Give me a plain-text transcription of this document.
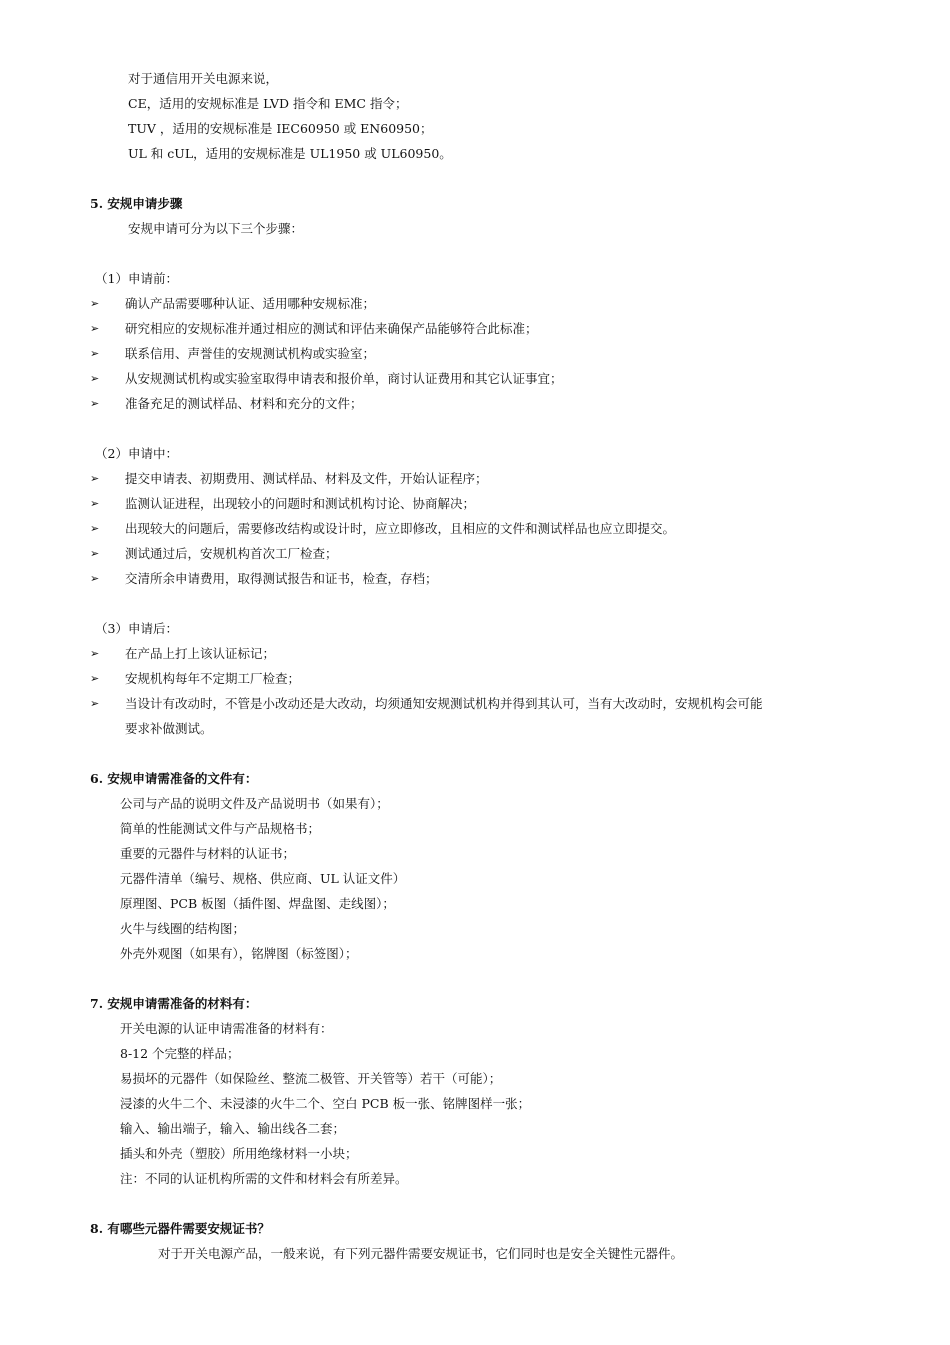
对于通信用开关电源来说，
CE，适用的安规标准是 LVD 指令和 EMC 指令；
TUV ，适用的安规标准是 IEC60950 或 EN60950；
UL 和 cUL，适用的安规标准是 UL1950 或 UL60950。
5. 安规申请步骤
安规申请可分为以下三个步骤：
（1）申请前：
➢ 确认产品需要哪种认证、适用哪种安规标准；
➢ 研究相应的安规标准并通过相应的测试和评估来确保产品能够符合此标准；
➢ 联系信用、声誉佳的安规测试机构或实验室；
➢ 从安规测试机构或实验室取得申请表和报价单，商讨认证费用和其它认证事宜；
➢ 准备充足的测试样品、材料和充分的文件；
（2）申请中：
➢ 提交申请表、初期费用、测试样品、材料及文件，开始认证程序；
➢ 监测认证进程，出现较小的问题时和测试机构讨论、协商解决；
➢ 出现较大的问题后，需要修改结构或设计时，应立即修改，且相应的文件和测试样品也应立即提交。
➢ 测试通过后，安规机构首次工厂检查；
➢ 交清所余申请费用，取得测试报告和证书，检查，存档；
（3）申请后：
➢ 在产品上打上该认证标记；
➢ 安规机构每年不定期工厂检查；
➢ 当设计有改动时，不管是小改动还是大改动，均须通知安规测试机构并得到其认可，当有大改动时，安规机构会可能
要求补做测试。
6. 安规申请需准备的文件有：
公司与产品的说明文件及产品说明书（如果有）；
简单的性能测试文件与产品规格书；
重要的元器件与材料的认证书；
元器件清单（编号、规格、供应商、UL 认证文件）
原理图、PCB 板图（插件图、焊盘图、走线图）；
火牛与线圈的结构图；
外壳外观图（如果有），铭牌图（标签图）；
7. 安规申请需准备的材料有：
开关电源的认证申请需准备的材料有：
8-12 个完整的样品；
易损坏的元器件（如保险丝、整流二极管、开关管等）若干（可能）；
浸漆的火牛二个、未浸漆的火牛二个、空白 PCB 板一张、铭牌图样一张；
输入、输出端子，输入、输出线各二套；
插头和外壳（塑胶）所用绝缘材料一小块；
注：不同的认证机构所需的文件和材料会有所差异。
8. 有哪些元器件需要安规证书？
对于开关电源产品，一般来说，有下列元器件需要安规证书，它们同时也是安全关键性元器件。
